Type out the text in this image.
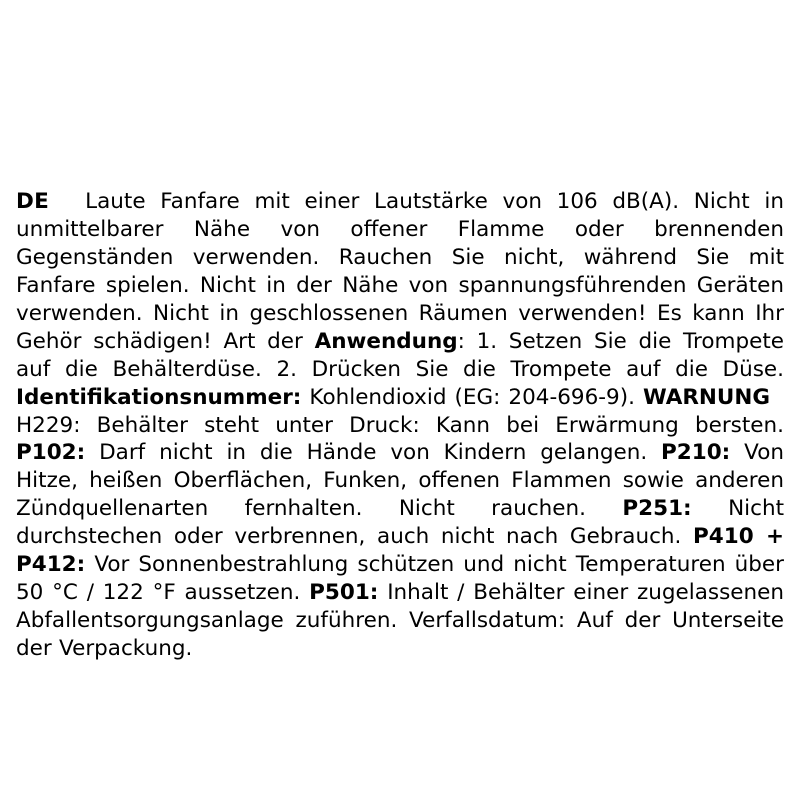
DE Laute Fanfare mit einer Lautstärke von 106 dB(A). Nicht in unmittelbarer Nähe von offener Flamme oder brennenden Gegenständen verwenden. Rauchen Sie nicht, während Sie mit Fanfare spielen. Nicht in der Nähe von spannungsführenden Geräten verwenden. Nicht in geschlossenen Räumen verwenden! Es kann Ihr Gehör schädigen! Art der Anwendung: 1. Setzen Sie die Trompete auf die Behälterdüse. 2. Drücken Sie die Trompete auf die Düse. Identifikationsnummer: Kohlendioxid (EG: 204-696-9). WARNUNGH229: Behälter steht unter Druck: Kann bei Erwärmung bersten. P102: Darf nicht in die Hände von Kindern gelangen. P210: Von Hitze, heißen Oberflächen, Funken, offenen Flammen sowie anderen Zündquellenarten fernhalten. Nicht rauchen. P251: Nicht durchstechen oder verbrennen, auch nicht nach Gebrauch. P410 + P412: Vor Sonnenbestrahlung schützen und nicht Temperaturen über 50 °C / 122 °F aussetzen. P501: Inhalt / Behälter einer zugelassenen Abfallentsorgungsanlage zuführen. Verfallsdatum: Auf der Unterseite der Verpackung.
